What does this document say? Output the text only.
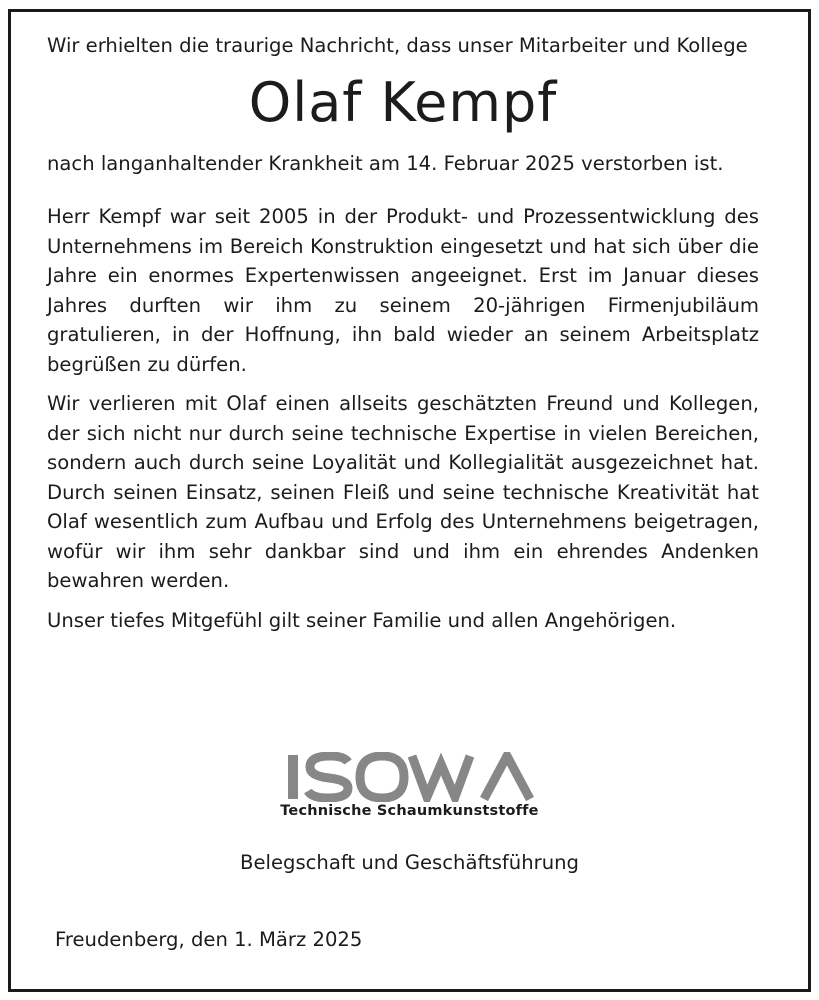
Wir erhielten die traurige Nachricht, dass unser Mitarbeiter und Kollege

Olaf Kempf

nach langanhaltender Krankheit am 14. Februar 2025 verstorben ist.

Herr Kempf war seit 2005 in der Produkt- und Prozessentwicklung des Unternehmens im Bereich Konstruktion eingesetzt und hat sich über die Jahre ein enormes Expertenwissen angeeignet. Erst im Januar dieses Jahres durften wir ihm zu seinem 20-jährigen Firmenjubiläum gratulieren, in der Hoffnung, ihn bald wieder an seinem Arbeitsplatz begrüßen zu dürfen.

Wir verlieren mit Olaf einen allseits geschätzten Freund und Kollegen, der sich nicht nur durch seine technische Expertise in vielen Bereichen, sondern auch durch seine Loyalität und Kollegialität ausgezeichnet hat. Durch seinen Einsatz, seinen Fleiß und seine technische Kreativität hat Olaf wesentlich zum Aufbau und Erfolg des Unternehmens beigetragen, wofür wir ihm sehr dankbar sind und ihm ein ehrendes Andenken bewahren werden.

Unser tiefes Mitgefühl gilt seiner Familie und allen Angehörigen.

Technische Schaumkunststoffe
Belegschaft und Geschäftsführung
Freudenberg, den 1. März 2025
